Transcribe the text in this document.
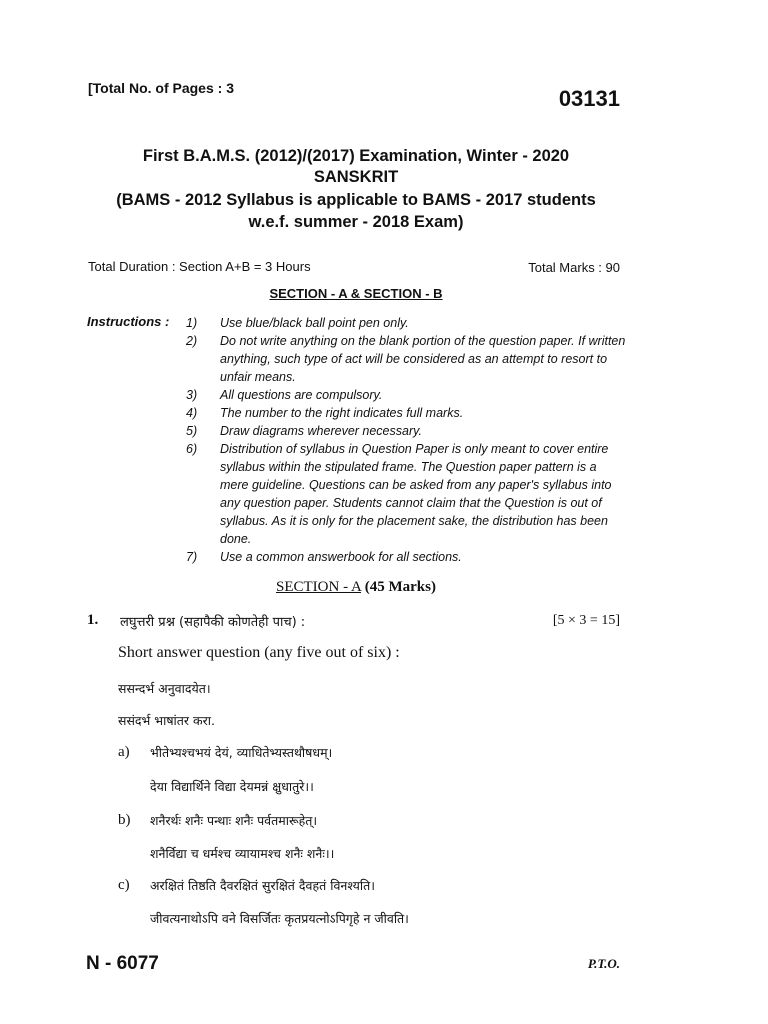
[Total No. of Pages : 3	03131
First B.A.M.S. (2012)/(2017) Examination, Winter - 2020
SANSKRIT
(BAMS - 2012 Syllabus is applicable to BAMS - 2017 students
w.e.f. summer - 2018 Exam)
Total Duration : Section A+B = 3 Hours	Total Marks : 90
SECTION - A & SECTION - B
Instructions : 1)	Use blue/black ball point pen only.
2)	Do not write anything on the blank portion of the question paper. If written anything, such type of act will be considered as an attempt to resort to unfair means.
3)	All questions are compulsory.
4)	The number to the right indicates full marks.
5)	Draw diagrams wherever necessary.
6)	Distribution of syllabus in Question Paper is only meant to cover entire syllabus within the stipulated frame. The Question paper pattern is a mere guideline. Questions can be asked from any paper's syllabus into any question paper. Students cannot claim that the Question is out of syllabus. As it is only for the placement sake, the distribution has been done.
7)	Use a common answerbook for all sections.
SECTION - A (45 Marks)
1. लघुत्तरी प्रश्न (सहापैकी कोणतेही पाच) :	[5 × 3 = 15]
Short answer question (any five out of six) :
ससन्दर्भ अनुवादयेत।
ससंदर्भ भाषांतर करा.
a) भीतेभ्यश्चभयं देयं, व्याधितेभ्यस्तथौषधम्।
देया विद्यार्थिने विद्या देयमन्नं क्षुधातुरे।।
b) शनैरर्थः शनैः पन्थाः शनैः पर्वतमारूहेत्।
शनैर्विद्या च धर्मश्च व्यायामश्च शनैः शनैः।।
c) अरक्षितं तिष्ठति दैवरक्षितं सुरक्षितं दैवहतं विनश्यति।
जीवत्यनाथोऽपि वने विसर्जितः कृतप्रयत्नोऽपिगृहे न जीवति।
N - 6077	P.T.O.
